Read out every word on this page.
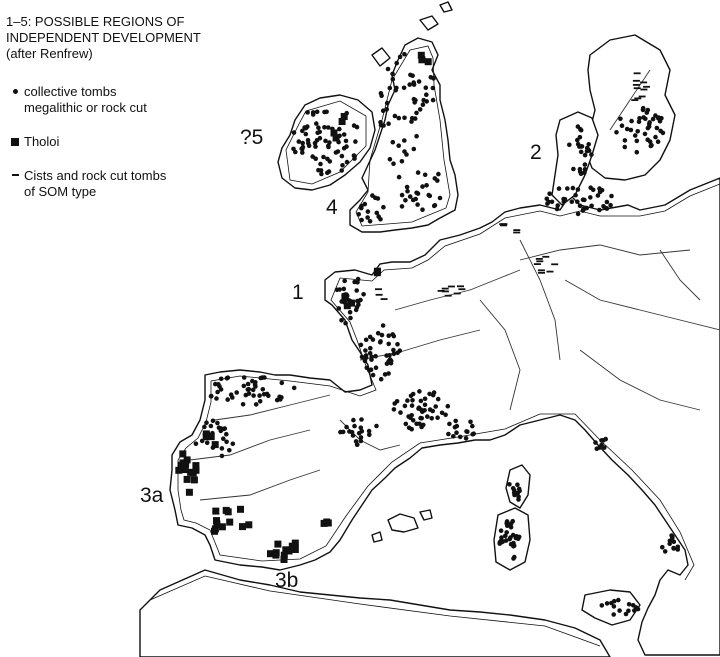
1–5: POSSIBLE REGIONS OF
INDEPENDENT DEVELOPMENT
(after Renfrew)
collective tombs
megalithic or rock cut
Tholoi
Cists and rock cut tombs
of SOM type
1
2
3a
3b
4
?5
